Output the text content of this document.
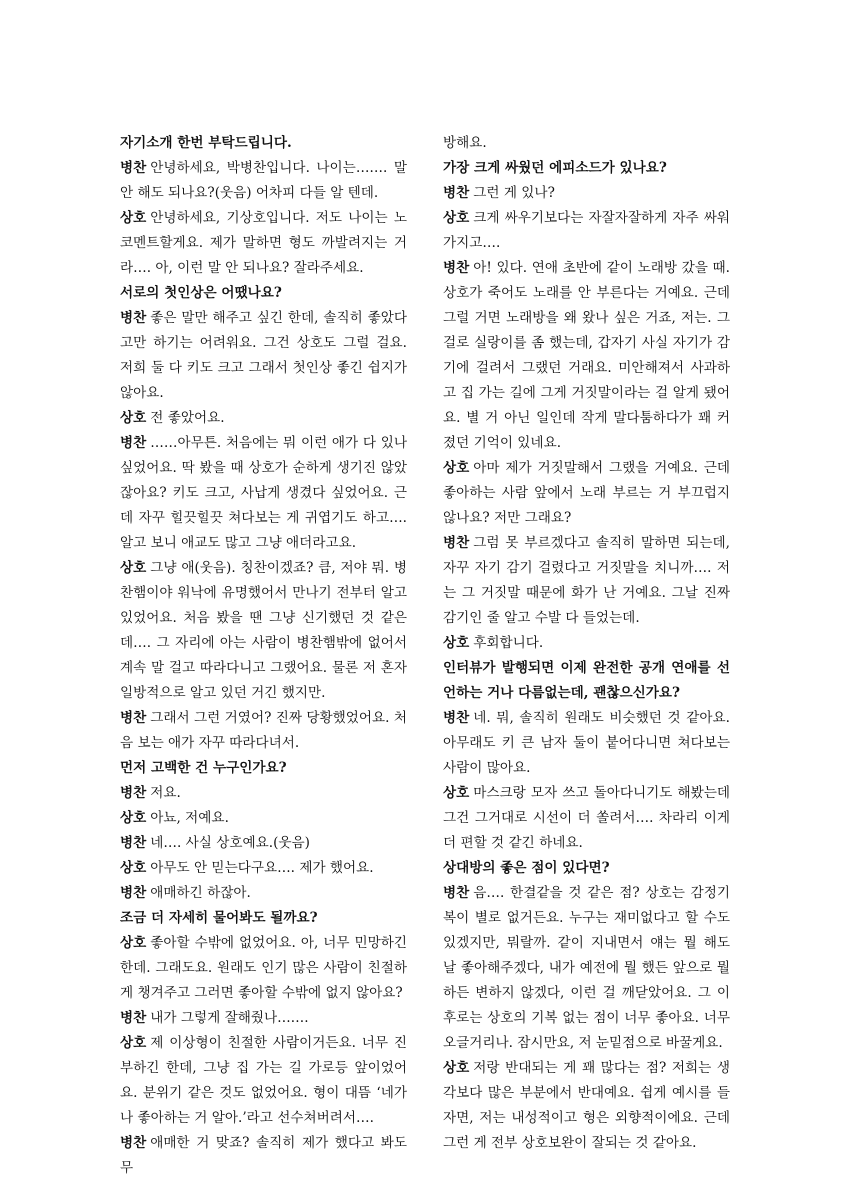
자기소개 한번 부탁드립니다.

병찬 안녕하세요, 박병찬입니다. 나이는……. 말 안 해도 되나요?(웃음) 어차피 다들 알 텐데.

상호 안녕하세요, 기상호입니다. 저도 나이는 노코멘트할게요. 제가 말하면 형도 까발려지는 거라…. 아, 이런 말 안 되나요? 잘라주세요.

서로의 첫인상은 어땠나요?

병찬 좋은 말만 해주고 싶긴 한데, 솔직히 좋았다고만 하기는 어려워요. 그건 상호도 그럴 걸요. 저희 둘 다 키도 크고 그래서 첫인상 좋긴 쉽지가 않아요.

상호 전 좋았어요.

병찬 ……아무튼. 처음에는 뭐 이런 애가 다 있나 싶었어요. 딱 봤을 때 상호가 순하게 생기진 않았잖아요? 키도 크고, 사납게 생겼다 싶었어요. 근데 자꾸 힐끗힐끗 쳐다보는 게 귀엽기도 하고…. 알고 보니 애교도 많고 그냥 애더라고요.

상호 그냥 애(웃음). 칭찬이겠죠? 큼, 저야 뭐. 병찬햄이야 워낙에 유명했어서 만나기 전부터 알고 있었어요. 처음 봤을 땐 그냥 신기했던 것 같은데…. 그 자리에 아는 사람이 병찬햄밖에 없어서 계속 말 걸고 따라다니고 그랬어요. 물론 저 혼자 일방적으로 알고 있던 거긴 했지만.

병찬 그래서 그런 거였어? 진짜 당황했었어요. 처음 보는 애가 자꾸 따라다녀서.

먼저 고백한 건 누구인가요?

병찬 저요.

상호 아뇨, 저예요.

병찬 네…. 사실 상호예요.(웃음)

상호 아무도 안 믿는다구요…. 제가 했어요.

병찬 애매하긴 하잖아.

조금 더 자세히 물어봐도 될까요?

상호 좋아할 수밖에 없었어요. 아, 너무 민망하긴 한데. 그래도요. 원래도 인기 많은 사람이 친절하게 챙겨주고 그러면 좋아할 수밖에 없지 않아요?

병찬 내가 그렇게 잘해줬나…….

상호 제 이상형이 친절한 사람이거든요. 너무 진부하긴 한데, 그냥 집 가는 길 가로등 앞이었어요. 분위기 같은 것도 없었어요. 형이 대뜸 ‘네가 나 좋아하는 거 알아.’라고 선수쳐버려서….

병찬 애매한 거 맞죠? 솔직히 제가 했다고 봐도 무

방해요.

가장 크게 싸웠던 에피소드가 있나요?

병찬 그런 게 있나?

상호 크게 싸우기보다는 자잘자잘하게 자주 싸워가지고….

병찬 아! 있다. 연애 초반에 같이 노래방 갔을 때. 상호가 죽어도 노래를 안 부른다는 거예요. 근데 그럴 거면 노래방을 왜 왔나 싶은 거죠, 저는. 그걸로 실랑이를 좀 했는데, 갑자기 사실 자기가 감기에 걸려서 그랬던 거래요. 미안해져서 사과하고 집 가는 길에 그게 거짓말이라는 걸 알게 됐어요. 별 거 아닌 일인데 작게 말다툼하다가 꽤 커졌던 기억이 있네요.

상호 아마 제가 거짓말해서 그랬을 거예요. 근데 좋아하는 사람 앞에서 노래 부르는 거 부끄럽지 않나요? 저만 그래요?

병찬 그럼 못 부르겠다고 솔직히 말하면 되는데, 자꾸 자기 감기 걸렸다고 거짓말을 치니까…. 저는 그 거짓말 때문에 화가 난 거예요. 그날 진짜 감기인 줄 알고 수발 다 들었는데.

상호 후회합니다.

인터뷰가 발행되면 이제 완전한 공개 연애를 선언하는 거나 다름없는데, 괜찮으신가요?

병찬 네. 뭐, 솔직히 원래도 비슷했던 것 같아요. 아무래도 키 큰 남자 둘이 붙어다니면 쳐다보는 사람이 많아요.

상호 마스크랑 모자 쓰고 돌아다니기도 해봤는데 그건 그거대로 시선이 더 쏠려서…. 차라리 이게 더 편할 것 같긴 하네요.

상대방의 좋은 점이 있다면?

병찬 음…. 한결같을 것 같은 점? 상호는 감정기복이 별로 없거든요. 누구는 재미없다고 할 수도 있겠지만, 뭐랄까. 같이 지내면서 얘는 뭘 해도 날 좋아해주겠다, 내가 예전에 뭘 했든 앞으로 뭘 하든 변하지 않겠다, 이런 걸 깨닫았어요. 그 이후로는 상호의 기복 없는 점이 너무 좋아요. 너무 오글거리나. 잠시만요, 저 눈밑점으로 바꿀게요.

상호 저랑 반대되는 게 꽤 많다는 점? 저희는 생각보다 많은 부분에서 반대예요. 쉽게 예시를 들자면, 저는 내성적이고 형은 외향적이에요. 근데 그런 게 전부 상호보완이 잘되는 것 같아요.
